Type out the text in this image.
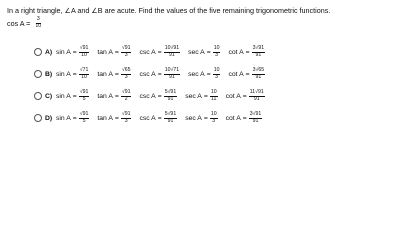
In a right triangle, ∠A and ∠B are acute. Find the values of the five remaining trigonometric functions.
$\cos A = \frac{3}{10}$
A) $\sin A = \frac{√91}{10}$ $\tan A = \frac{√91}{3}$ $\csc A = \frac{10√91}{91}$ $\sec A = \frac{10}{3}$ $\cot A = \frac{3√91}{91}$
B) $\sin A = \frac{√71}{10}$ $\tan A = \frac{√65}{3}$ $\csc A = \frac{10√71}{91}$ $\sec A = \frac{10}{3}$ $\cot A = \frac{3√65}{91}$
C) $\sin A = \frac{√91}{5}$ $\tan A = \frac{√91}{2}$ $\csc A = \frac{5√91}{91}$ $\sec A = \frac{10}{11}$ $\cot A = \frac{11√91}{91}$
D) $\sin A = \frac{√91}{5}$ $\tan A = \frac{√91}{3}$ $\csc A = \frac{5√91}{91}$ $\sec A = \frac{10}{3}$ $\cot A = \frac{3√91}{91}$
